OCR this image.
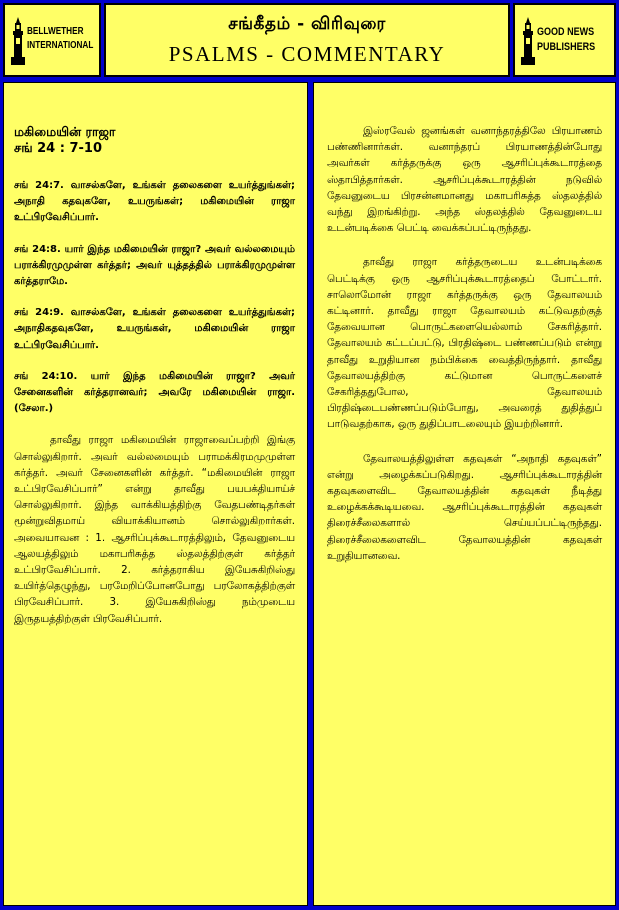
BELLWETHER
INTERNATIONAL
சங்கீதம் - விரிவுரை
PSALMS - COMMENTARY
GOOD NEWS
PUBLISHERS
மகிமையின் ராஜா
சங் 24 : 7-10

சங் 24:7. வாசல்களே, உங்கள் தலைகளை உயர்த்துங்கள்; அநாதி கதவுகளே, உயருங்கள்; மகிமையின் ராஜா உட்பிரவேசிப்பார்.

சங் 24:8. யார் இந்த மகிமையின் ராஜா? அவர் வல்லமையும் பராக்கிரமுமுள்ள கர்த்தர்; அவர் யுத்தத்தில் பராக்கிரமுமுள்ள கர்த்தராமே.

சங் 24:9. வாசல்களே, உங்கள் தலைகளை உயர்த்துங்கள்; அநாதிகதவுகளே, உயருங்கள், மகிமையின் ராஜா உட்பிரவேசிப்பார்.

சங் 24:10. யார் இந்த மகிமையின் ராஜா? அவர் சேனைகளின் கர்த்தரானவர்; அவரே மகிமையின் ராஜா. (சேலா.)

தாவீது ராஜா மகிமையின் ராஜாவைப்பற்றி இங்கு சொல்லுகிறார். அவர் வல்லமையும் பராமக்கிரமமுமுள்ள கர்த்தர். அவர் சேனைகளின் கர்த்தர். “மகிமையின் ராஜா உட்பிரவேசிப்பார்” என்று தாவீது பயபக்தியாய்ச் சொல்லுகிறார். இந்த வாக்கியத்திற்கு வேதபண்டிதர்கள் மூன்றுவிதமாய் வியாக்கியானம் சொல்லுகிறார்கள். அவையாவன : 1. ஆசரிப்புக்கூடாரத்திலும், தேவனுடைய ஆலயத்திலும் மகாபரிசுத்த ஸ்தலத்திற்குள் கர்த்தர் உட்பிரவேசிப்பார். 2. கர்த்தராகிய இயேசுகிறிஸ்து உயிர்த்தெழுந்து, பரமேறிப்போனபோது பரலோகத்திற்குள் பிரவேசிப்பார். 3. இயேசுகிறிஸ்து நம்முடைய இருதயத்திற்குள் பிரவேசிப்பார்.

இஸ்ரவேல் ஜனங்கள் வனாந்தரத்திலே பிரயாணம் பண்ணினார்கள். வனாந்தரப் பிரயாணத்தின்போது அவர்கள் கர்த்தருக்கு ஒரு ஆசரிப்புக்கூடாரத்தை ஸ்தாபித்தார்கள். ஆசரிப்புக்கூடாரத்தின் நடுவில் தேவனுடைய பிரசன்னமானது மகாபரிசுத்த ஸ்தலத்தில் வந்து இறங்கிற்று. அந்த ஸ்தலத்தில் தேவனுடைய உடன்படிக்கை பெட்டி வைக்கப்பட்டிருந்தது.

தாவீது ராஜா கர்த்தருடைய உடன்படிக்கை பெட்டிக்கு ஒரு ஆசரிப்புக்கூடாரத்தைப் போட்டார். சாலொமோன் ராஜா கர்த்தருக்கு ஒரு தேவாலயம் கட்டினார். தாவீது ராஜா தேவாலயம் கட்டுவதற்குத் தேவையான பொருட்களையெல்லாம் சேகரித்தார். தேவாலயம் கட்டப்பட்டு, பிரதிஷ்டை பண்ணப்படும் என்று தாவீது உறுதியான நம்பிக்கை வைத்திருந்தார். தாவீது தேவாலயத்திற்கு கட்டுமான பொருட்களைச் சேகரித்ததுபோல, தேவாலயம் பிரதிஷ்டைபண்ணப்படும்போது, அவரைத் துதித்துப் பாடுவதற்காக, ஒரு துதிப்பாடலையும் இயற்றினார்.

தேவாலயத்திலுள்ள கதவுகள் “அநாதி கதவுகள்” என்று அழைக்கப்படுகிறது. ஆசரிப்புக்கூடாரத்தின் கதவுகளைவிட தேவாலயத்தின் கதவுகள் நீடித்து உழைக்கக்கூடியவை. ஆசரிப்புக்கூடாரத்தின் கதவுகள் திரைச்சீலைகளால் செய்யப்பட்டிருந்தது. திரைச்சீலைகளைவிட தேவாலயத்தின் கதவுகள் உறுதியானவை.
